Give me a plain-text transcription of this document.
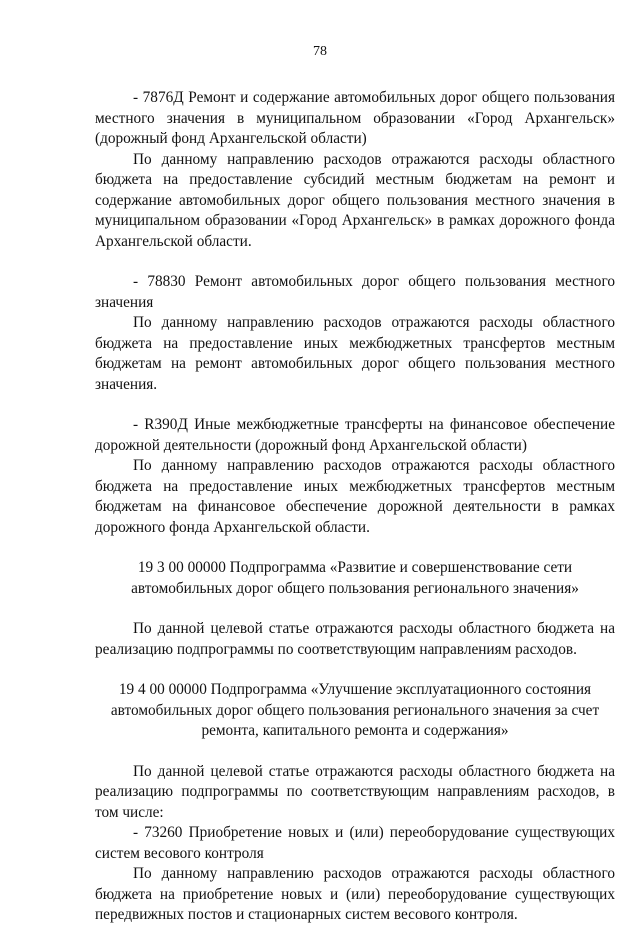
78

- 7876Д Ремонт и содержание автомобильных дорог общего пользования местного значения в муниципальном образовании «Город Архангельск» (дорожный фонд Архангельской области)

По данному направлению расходов отражаются расходы областного бюджета на предоставление субсидий местным бюджетам на ремонт и содержание автомобильных дорог общего пользования местного значения в муниципальном образовании «Город Архангельск» в рамках дорожного фонда Архангельской области.

- 78830 Ремонт автомобильных дорог общего пользования местного значения

По данному направлению расходов отражаются расходы областного бюджета на предоставление иных межбюджетных трансфертов местным бюджетам на ремонт автомобильных дорог общего пользования местного значения.

- R390Д Иные межбюджетные трансферты на финансовое обеспечение дорожной деятельности (дорожный фонд Архангельской области)

По данному направлению расходов отражаются расходы областного бюджета на предоставление иных межбюджетных трансфертов местным бюджетам на финансовое обеспечение дорожной деятельности в рамках дорожного фонда Архангельской области.

19 3 00 00000 Подпрограмма «Развитие и совершенствование сети автомобильных дорог общего пользования регионального значения»

По данной целевой статье отражаются расходы областного бюджета на реализацию подпрограммы по соответствующим направлениям расходов.

19 4 00 00000 Подпрограмма «Улучшение эксплуатационного состояния автомобильных дорог общего пользования регионального значения за счет ремонта, капитального ремонта и содержания»

По данной целевой статье отражаются расходы областного бюджета на реализацию подпрограммы по соответствующим направлениям расходов, в том числе:

- 73260 Приобретение новых и (или) переоборудование существующих систем весового контроля

По данному направлению расходов отражаются расходы областного бюджета на приобретение новых и (или) переоборудование существующих передвижных постов и стационарных систем весового контроля.
